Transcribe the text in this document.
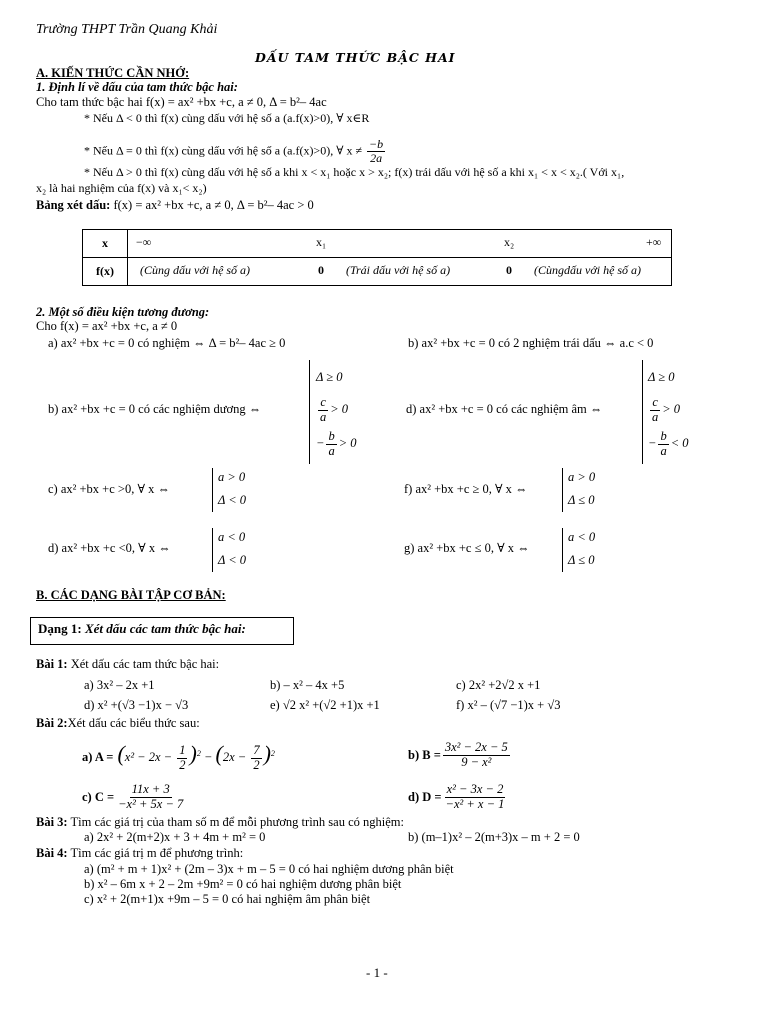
Trường THPT Trần Quang Khải
DẤU TAM THỨC BẬC HAI
A. KIẾN THỨC CẦN NHỚ:
1. Định lí về dấu của tam thức bậc hai:
Cho tam thức bậc hai f(x) = ax² +bx +c, a ≠ 0, Δ = b²– 4ac
* Nếu Δ < 0 thì f(x) cùng dấu với hệ số a (a.f(x)>0), ∀ x∈R
* Nếu Δ = 0 thì f(x) cùng dấu với hệ số a (a.f(x)>0), ∀ $x \ne \frac{-b}{2a}$
* Nếu Δ > 0 thì f(x) cùng dấu với hệ số a khi x < x₁ hoặc x > x₂; f(x) trái dấu với hệ số a khi x₁ < x < x₂.( Với x₁,
x₂ là hai nghiệm của f(x) và x₁< x₂)
Bảng xét dấu: f(x) = ax² +bx +c, a ≠ 0, Δ = b²– 4ac > 0
x	−∞ x₁ x₂ +∞

f(x)	(Cùng dấu với hệ số a) 0 (Trái dấu với hệ số a) 0 (Cùngdấu với hệ số a)
2. Một số điều kiện tương đương:
Cho f(x) = ax² +bx +c, a ≠ 0
a) ax² +bx +c = 0 có nghiệm ⇔ Δ = b²– 4ac ≥ 0	b) ax² +bx +c = 0 có 2 nghiệm trái dấu ⇔ a.c < 0
b) ax² +bx +c = 0 có các nghiệm dương ⇔
Δ ≥ 0
$\frac{c}{a} > 0$
− $\frac{b}{a} > 0$
d) ax² +bx +c = 0 có các nghiệm âm ⇔
Δ ≥ 0
$\frac{c}{a} > 0$
− $\frac{b}{a} < 0$
c) ax² +bx +c >0, ∀ x ⇔
a > 0
Δ < 0
f) ax² +bx +c ≥ 0, ∀ x ⇔
a > 0
Δ ≤ 0
d) ax² +bx +c <0, ∀ x ⇔
a < 0
Δ < 0
g) ax² +bx +c ≤ 0, ∀ x ⇔
a < 0
Δ ≤ 0
B. CÁC DẠNG BÀI TẬP CƠ BẢN:
Dạng 1: Xét dấu các tam thức bậc hai:
Bài 1: Xét dấu các tam thức bậc hai:
a) 3x² – 2x +1	b) – x² – 4x +5	c) 2x² +2√2 x +1
d) x² +(√3 −1)x − √3	e) √2 x² +(√2 +1)x +1	f) x² – (√7 −1)x + √3
Bài 2:Xét dấu các biểu thức sau:
a) $A = (x^2 - 2x - \frac{1}{2} )^2 - (2x - \frac{7}{2} )^2$	b) $B = \frac{\text{3x² − 2x − 5}}{\text{9 − x²}}$
c) $C = \frac{11x + 3}{\text{−x² + 5x − 7}}$	d) $D = \frac{\text{x² − 3x − 2}}{\text{−x² + x − 1}}$
Bài 3: Tìm các giá trị của tham số m để mỗi phương trình sau có nghiệm:
a) 2x² + 2(m+2)x + 3 + 4m + m² = 0	b) (m–1)x² – 2(m+3)x – m + 2 = 0
Bài 4: Tìm các giá trị m để phương trình:
a) (m² + m + 1)x² + (2m – 3)x + m – 5 = 0 có hai nghiệm dương phân biệt
b) x² – 6m x + 2 – 2m +9m² = 0 có hai nghiệm dương phân biệt
c) x² + 2(m+1)x +9m – 5 = 0 có hai nghiệm âm phân biệt
- 1 -
